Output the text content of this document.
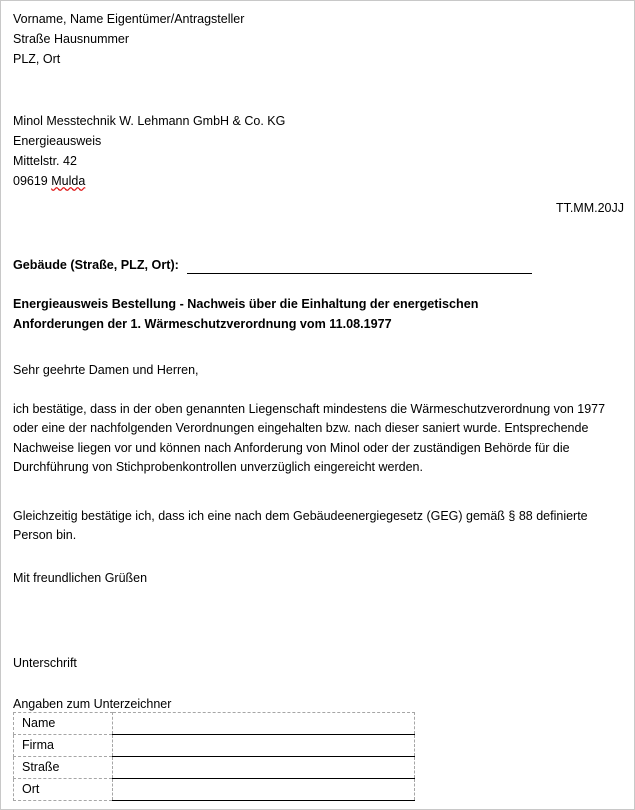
Vorname, Name Eigentümer/Antragsteller
Straße Hausnummer
PLZ, Ort
Minol Messtechnik W. Lehmann GmbH & Co. KG
Energieausweis
Mittelstr. 42
09619 Mulda
TT.MM.20JJ
Gebäude (Straße, PLZ, Ort):
Energieausweis Bestellung - Nachweis über die Einhaltung der energetischen
Anforderungen der 1. Wärmeschutzverordnung vom 11.08.1977
Sehr geehrte Damen und Herren,
ich bestätige, dass in der oben genannten Liegenschaft mindestens die Wärmeschutzverordnung von 1977 oder eine der nachfolgenden Verordnungen eingehalten bzw. nach dieser saniert wurde. Entsprechende Nachweise liegen vor und können nach Anforderung von Minol oder der zuständigen Behörde für die Durchführung von Stichprobenkontrollen unverzüglich eingereicht werden.
Gleichzeitig bestätige ich, dass ich eine nach dem Gebäudeenergiegesetz (GEG) gemäß § 88 definierte Person bin.
Mit freundlichen Grüßen
Unterschrift
Angaben zum Unterzeichner
Name	
Firma	
Straße	
Ort	
